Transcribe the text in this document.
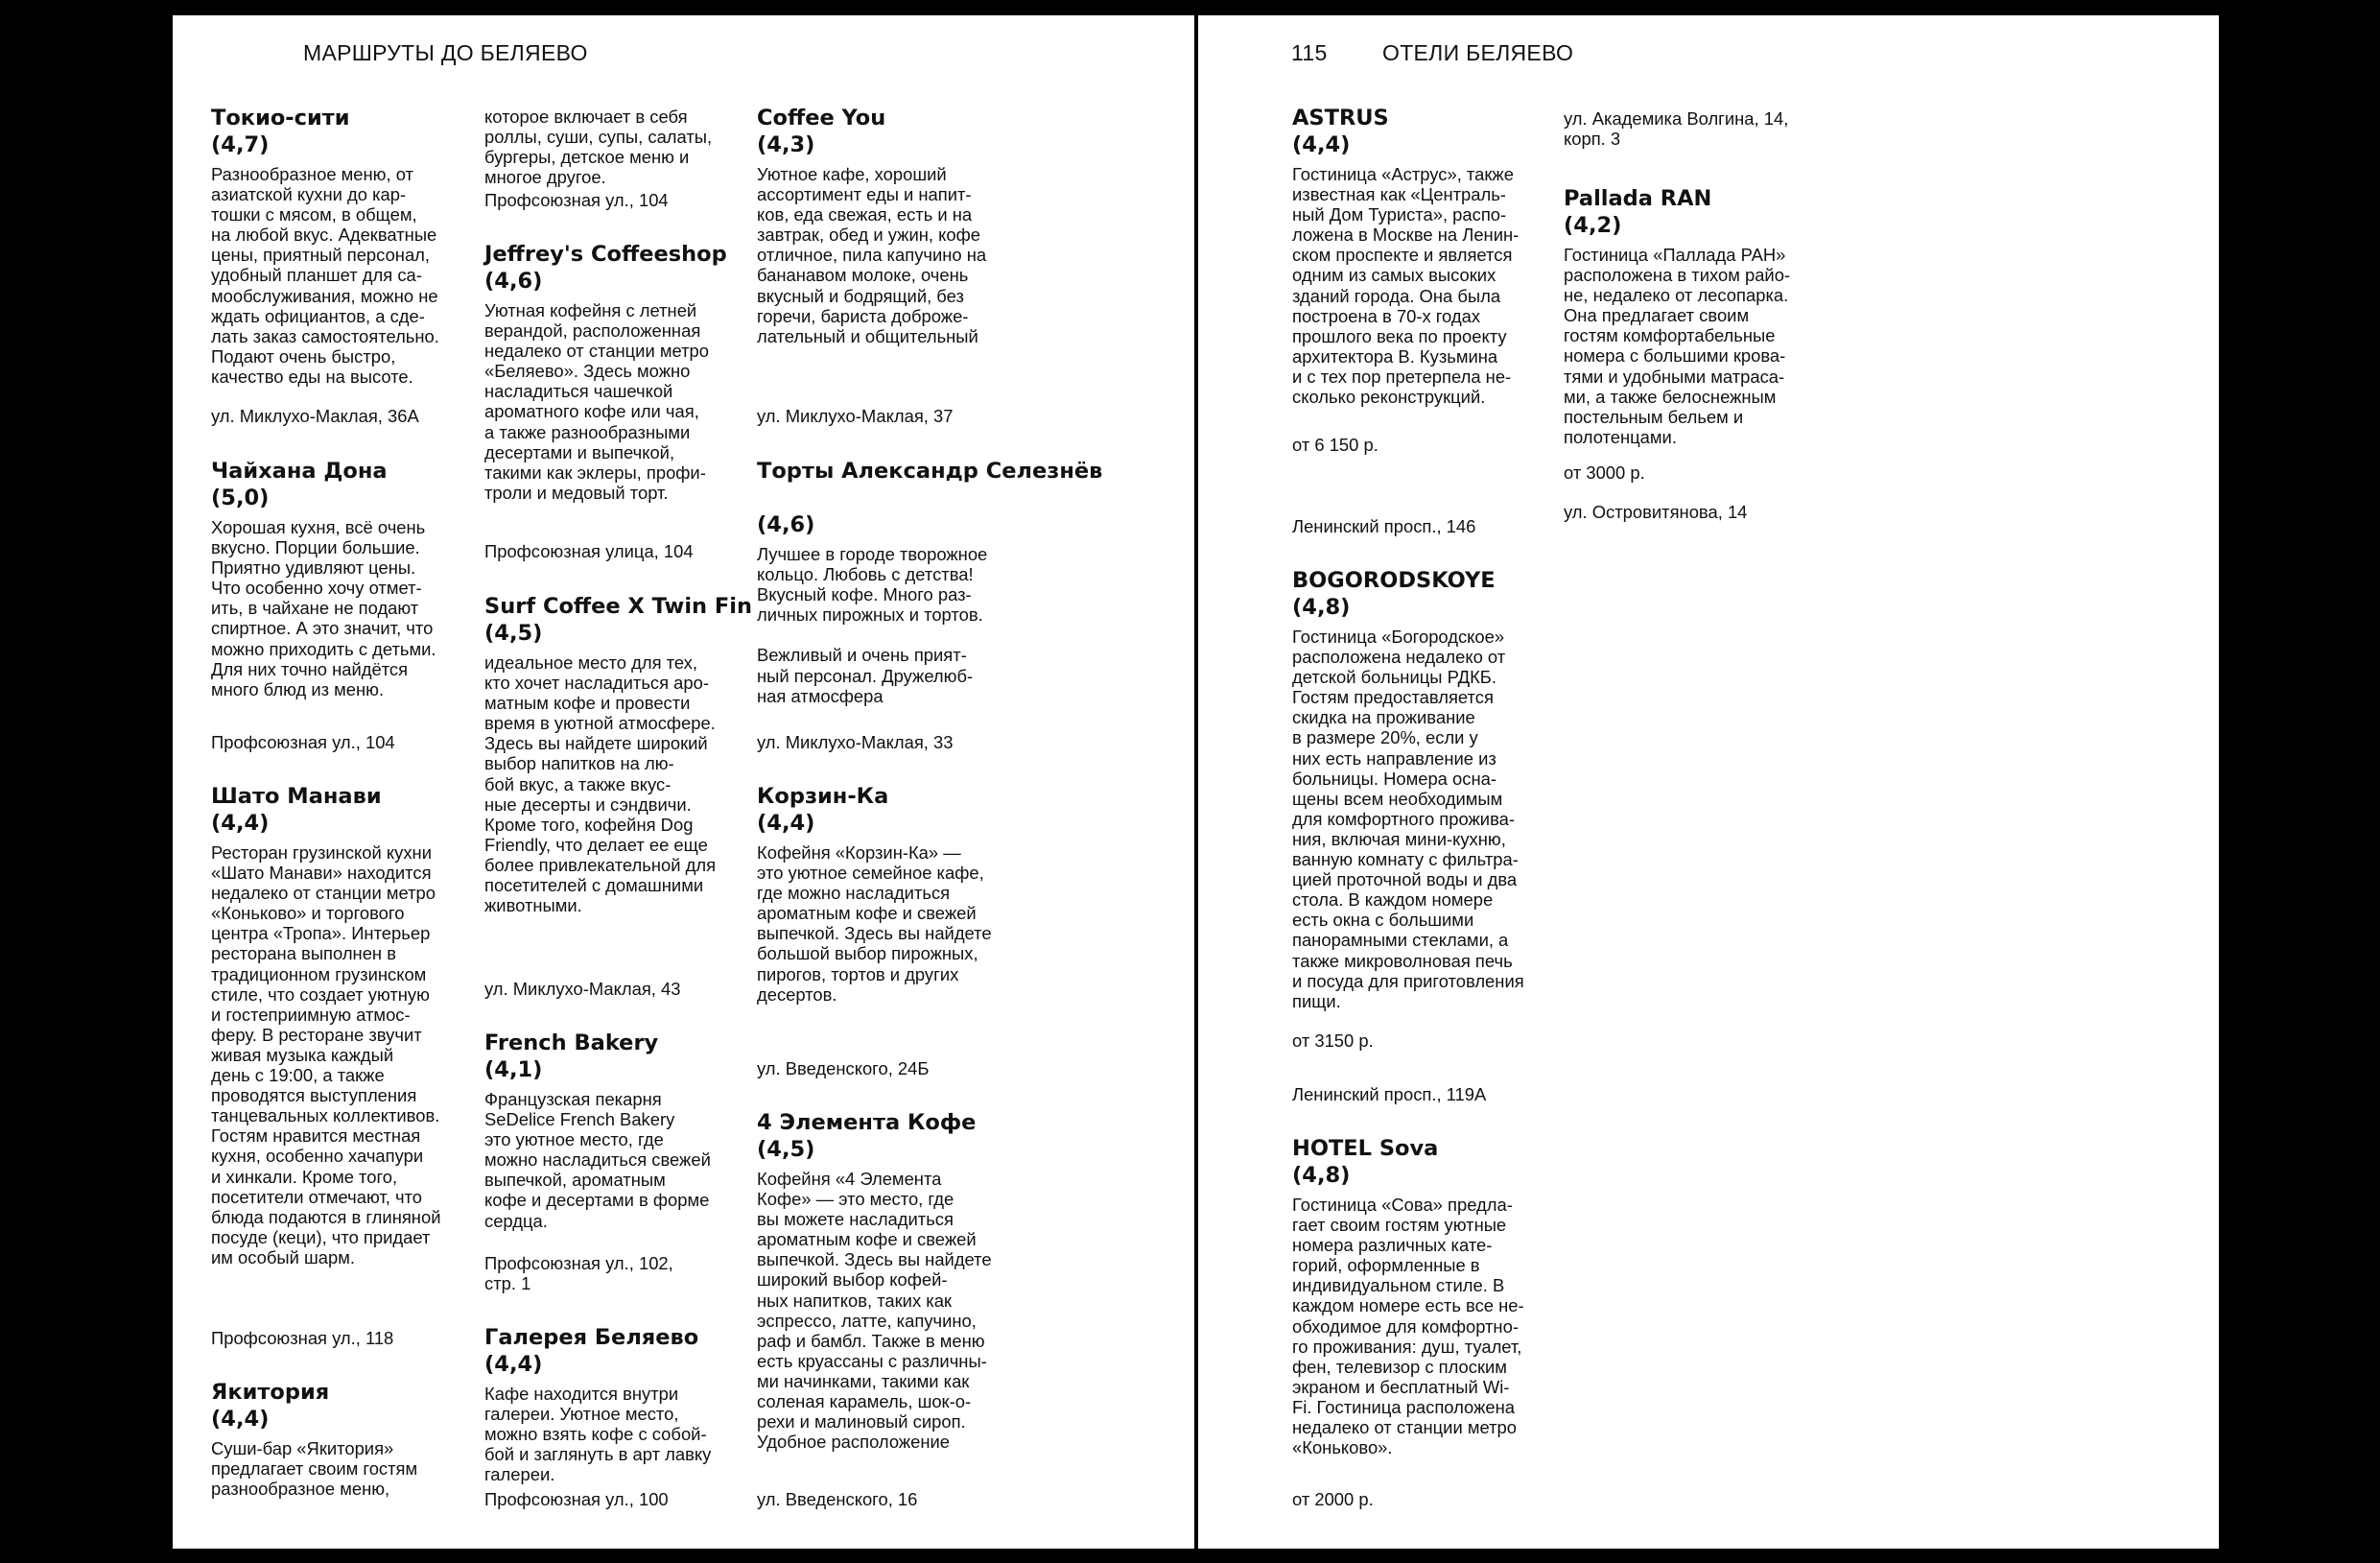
МАРШРУТЫ ДО БЕЛЯЕВО
Токио-сити
(4,7)
Разнообразное меню, от
азиатской кухни до кар-
тошки с мясом, в общем,
на любой вкус. Адекватные
цены, приятный персонал,
удобный планшет для са-
мообслуживания, можно не
ждать официантов, а сде-
лать заказ самостоятельно.
Подают очень быстро,
качество еды на высоте.
ул. Миклухо-Маклая, 36А
Чайхана Дона
(5,0)
Хорошая кухня, всё очень
вкусно. Порции большие.
Приятно удивляют цены.
Что особенно хочу отмет-
ить, в чайхане не подают
спиртное. А это значит, что
можно приходить с детьми.
Для них точно найдётся
много блюд из меню.
Профсоюзная ул., 104
Шато Манави
(4,4)
Ресторан грузинской кухни
«Шато Манави» находится
недалеко от станции метро
«Коньково» и торгового
центра «Тропа». Интерьер
ресторана выполнен в
традиционном грузинском
стиле, что создает уютную
и гостеприимную атмос-
феру. В ресторане звучит
живая музыка каждый
день с 19:00, а также
проводятся выступления
танцевальных коллективов.
Гостям нравится местная
кухня, особенно хачапури
и хинкали. Кроме того,
посетители отмечают, что
блюда подаются в глиняной
посуде (кеци), что придает
им особый шарм.
Профсоюзная ул., 118
Якитория
(4,4)
Суши-бар «Якитория»
предлагает своим гостям
разнообразное меню,
которое включает в себя
роллы, суши, супы, салаты,
бургеры, детское меню и
многое другое.
Профсоюзная ул., 104
Jeffrey's Coffeeshop
(4,6)
Уютная кофейня с летней
верандой, расположенная
недалеко от станции метро
«Беляево». Здесь можно
насладиться чашечкой
ароматного кофе или чая,
а также разнообразными
десертами и выпечкой,
такими как эклеры, профи-
троли и медовый торт.
Профсоюзная улица, 104
Surf Coffee X Twin Fin
(4,5)
идеальное место для тех,
кто хочет насладиться аро-
матным кофе и провести
время в уютной атмосфере.
Здесь вы найдете широкий
выбор напитков на лю-
бой вкус, а также вкус-
ные десерты и сэндвичи.
Кроме того, кофейня Dog
Friendly, что делает ее еще
более привлекательной для
посетителей с домашними
животными.
ул. Миклухо-Маклая, 43
French Bakery
(4,1)
Французская пекарня
SeDelice French Bakery
это уютное место, где
можно насладиться свежей
выпечкой, ароматным
кофе и десертами в форме
сердца.
Профсоюзная ул., 102,
стр. 1
Галерея Беляево
(4,4)
Кафе находится внутри
галереи. Уютное место,
можно взять кофе с собой-
бой и заглянуть в арт лавку
галереи.
Профсоюзная ул., 100
Coffee You
(4,3)
Уютное кафе, хороший
ассортимент еды и напит-
ков, еда свежая, есть и на
завтрак, обед и ужин, кофе
отличное, пила капучино на
бананавом молоке, очень
вкусный и бодрящий, без
горечи, бариста доброже-
лательный и общительный
ул. Миклухо-Маклая, 37
Торты Александр Селезнёв
(4,6)
Лучшее в городе творожное
кольцо. Любовь с детства!
Вкусный кофе. Много раз-
личных пирожных и тортов.

Вежливый и очень прият-
ный персонал. Дружелюб-
ная атмосфера
ул. Миклухо-Маклая, 33
Корзин-Ка
(4,4)
Кофейня «Корзин-Ка» —
это уютное семейное кафе,
где можно насладиться
ароматным кофе и свежей
выпечкой. Здесь вы найдете
большой выбор пирожных,
пирогов, тортов и других
десертов.
ул. Введенского, 24Б
4 Элемента Кофе
(4,5)
Кофейня «4 Элемента
Кофе» — это место, где
вы можете насладиться
ароматным кофе и свежей
выпечкой. Здесь вы найдете
широкий выбор кофей-
ных напитков, таких как
эспрессо, латте, капучино,
раф и бамбл. Также в меню
есть круассаны с различны-
ми начинками, такими как
соленая карамель, шок-о-
рехи и малиновый сироп.
Удобное расположение
ул. Введенского, 16
115 ОТЕЛИ БЕЛЯЕВО
ASTRUS
(4,4)
Гостиница «Аструс», также
известная как «Централь-
ный Дом Туриста», распо-
ложена в Москве на Ленин-
ском проспекте и является
одним из самых высоких
зданий города. Она была
построена в 70-х годах
прошлого века по проекту
архитектора В. Кузьмина
и с тех пор претерпела не-
сколько реконструкций.
от 6 150 р.
Ленинский просп., 146
BOGORODSKOYE
(4,8)
Гостиница «Богородское»
расположена недалеко от
детской больницы РДКБ.
Гостям предоставляется
скидка на проживание
в размере 20%, если у
них есть направление из
больницы. Номера осна-
щены всем необходимым
для комфортного прожива-
ния, включая мини-кухню,
ванную комнату с фильтра-
цией проточной воды и два
стола. В каждом номере
есть окна с большими
панорамными стеклами, а
также микроволновая печь
и посуда для приготовления
пищи.
от 3150 р.
Ленинский просп., 119А
HOTEL Sova
(4,8)
Гостиница «Сова» предла-
гает своим гостям уютные
номера различных кате-
горий, оформленные в
индивидуальном стиле. В
каждом номере есть все не-
обходимое для комфортно-
го проживания: душ, туалет,
фен, телевизор с плоским
экраном и бесплатный Wi-
Fi. Гостиница расположена
недалеко от станции метро
«Коньково».
от 2000 р.
ул. Академика Волгина, 14,
корп. 3
Pallada RAN
(4,2)
Гостиница «Паллада РАН»
расположена в тихом райо-
не, недалеко от лесопарка.
Она предлагает своим
гостям комфортабельные
номера с большими крова-
тями и удобными матраса-
ми, а также белоснежным
постельным бельем и
полотенцами.
от 3000 р.
ул. Островитянова, 14
